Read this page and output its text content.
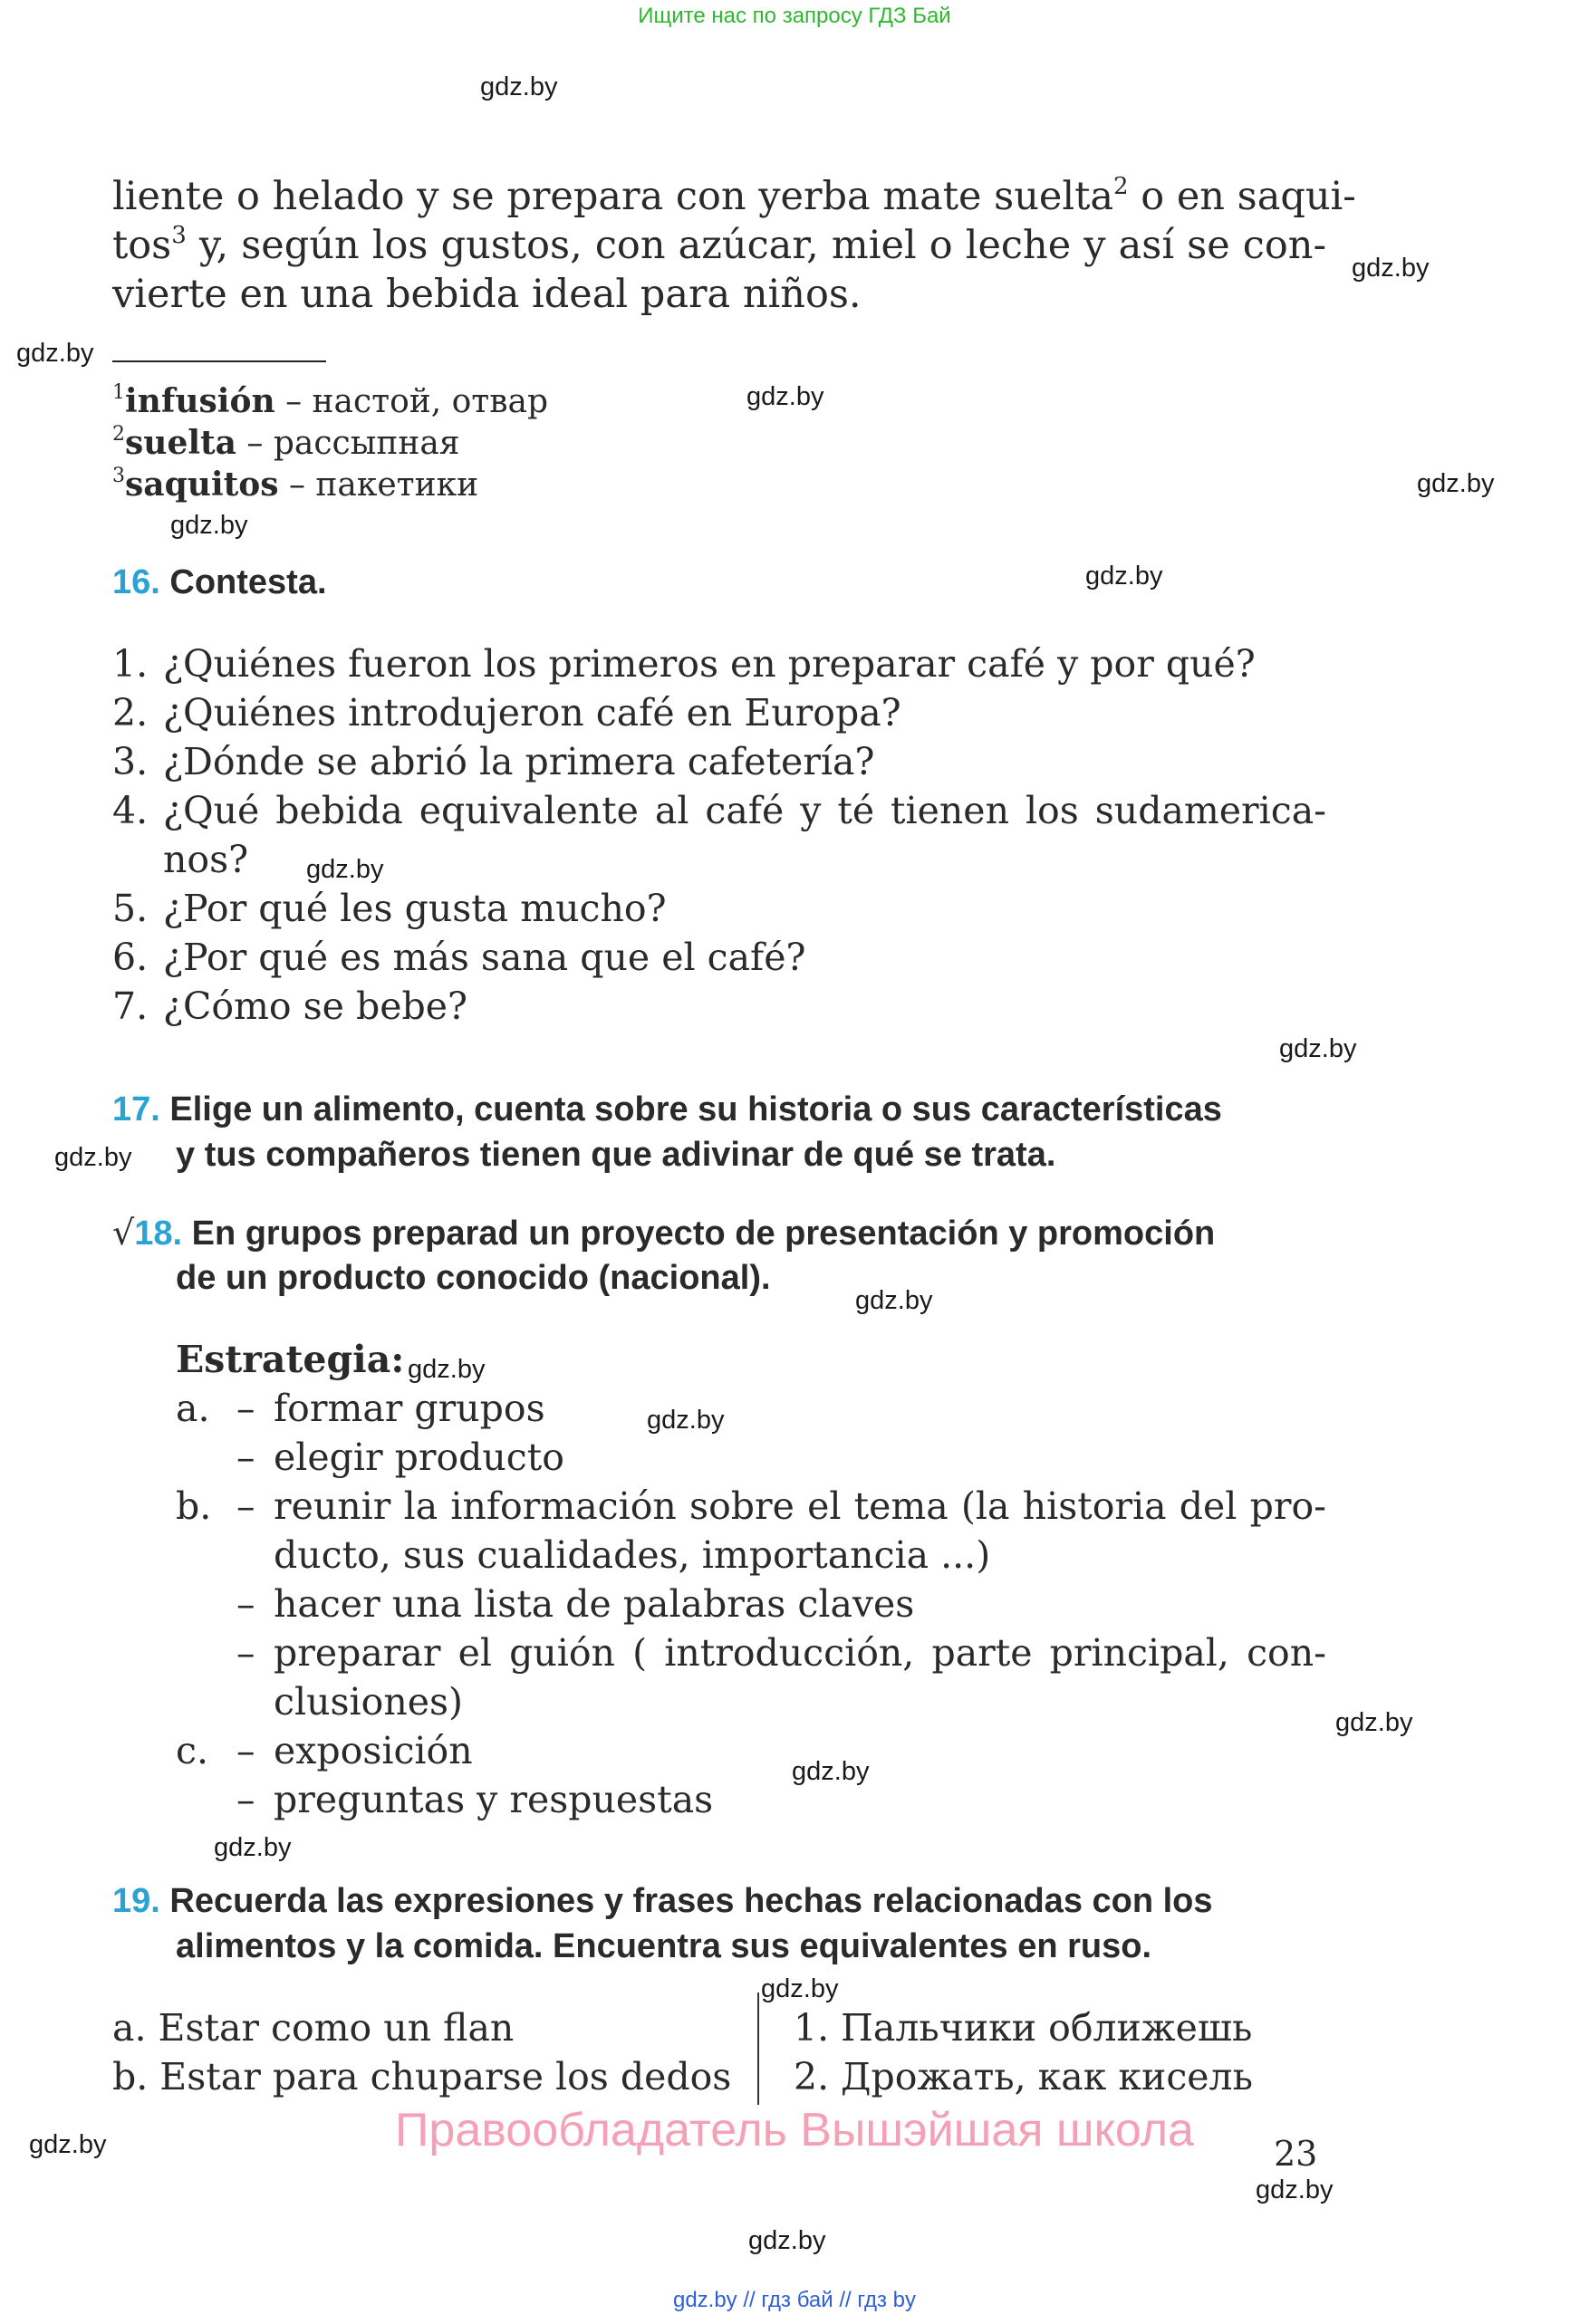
Ищите нас по запросу ГДЗ Бай
gdz.by
gdz.by
gdz.by
gdz.by
gdz.by
gdz.by
gdz.by
gdz.by
gdz.by
gdz.by
gdz.by
gdz.by
gdz.by
gdz.by
gdz.by
gdz.by
gdz.by
gdz.by
gdz.by
gdz.by
liente o helado y se prepara con yerba mate suelta$^2$ o en saqui-
tos$^3$ y, según los gustos, con azúcar, miel o leche y así se con-
vierte en una bebida ideal para niños.
$^1$infusión – настой, отвар
$^2$suelta – рассыпная
$^3$saquitos – пакетики
16. Contesta.
1. ¿Quiénes fueron los primeros en preparar café y por qué?
2. ¿Quiénes introdujeron café en Europa?
3. ¿Dónde se abrió la primera cafetería?
4. ¿Qué bebida equivalente al café y té tienen los sudamerica-
nos?
5. ¿Por qué les gusta mucho?
6. ¿Por qué es más sana que el café?
7. ¿Cómo se bebe?
17. Elige un alimento, cuenta sobre su historia o sus características
y tus compañeros tienen que adivinar de qué se trata.
√18. En grupos preparad un proyecto de presentación y promoción
de un producto conocido (nacional).
Estrategia:
a. – formar grupos
– elegir producto
b. – reunir la información sobre el tema (la historia del pro-
ducto, sus cualidades, importancia ...)
– hacer una lista de palabras claves
– preparar el guión ( introducción, parte principal, con-
clusiones)
c. – exposición
– preguntas y respuestas
19. Recuerda las expresiones y frases hechas relacionadas con los
alimentos y la comida. Encuentra sus equivalentes en ruso.
a. Estar como un flan
b. Estar para chuparse los dedos
1. Пальчики оближешь
2. Дрожать, как кисель
Правообладатель Вышэйшая школа	23
gdz.by // гдз бай // гдз by
